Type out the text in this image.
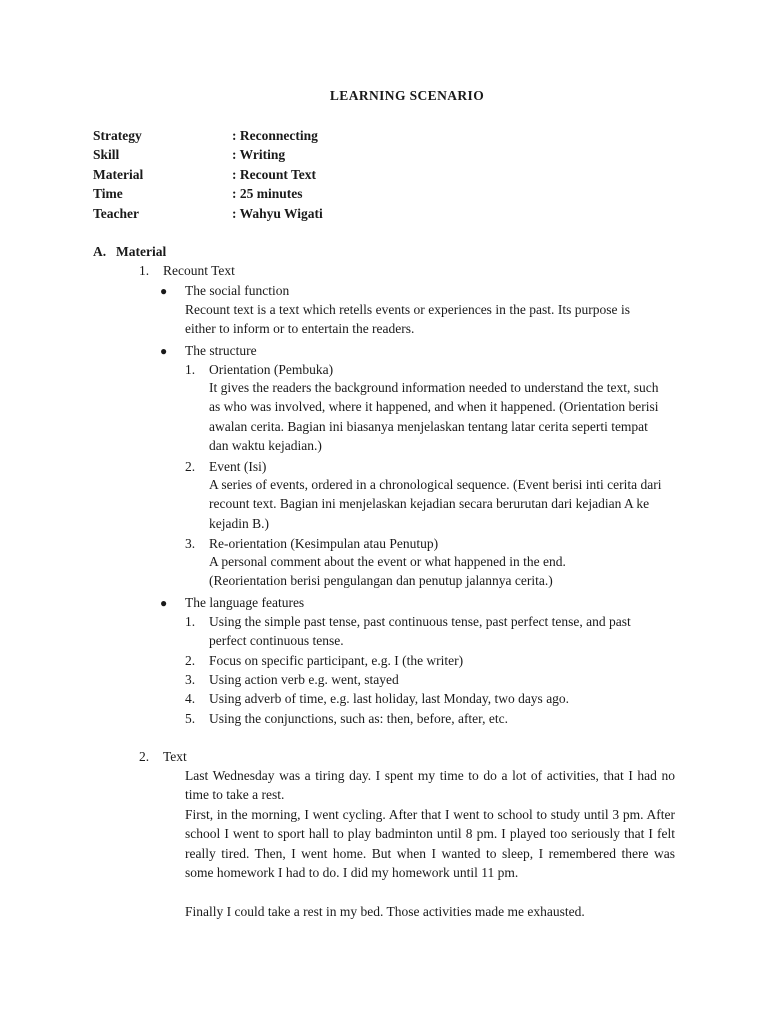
LEARNING SCENARIO
Strategy	: Reconnecting
Skill	: Writing
Material	: Recount Text
Time	: 25 minutes
Teacher	: Wahyu Wigati
A. Material
1. Recount Text
● The social function
Recount text is a text which retells events or experiences in the past. Its purpose is either to inform or to entertain the readers.
● The structure
1. Orientation (Pembuka)
It gives the readers the background information needed to understand the text, such as who was involved, where it happened, and when it happened. (Orientation berisi awalan cerita. Bagian ini biasanya menjelaskan tentang latar cerita seperti tempat dan waktu kejadian.)
2. Event (Isi)
A series of events, ordered in a chronological sequence. (Event berisi inti cerita dari recount text. Bagian ini menjelaskan kejadian secara berurutan dari kejadian A ke kejadin B.)
3. Re-orientation (Kesimpulan atau Penutup)
A personal comment about the event or what happened in the end. (Reorientation berisi pengulangan dan penutup jalannya cerita.)
● The language features
1.	Using the simple past tense, past continuous tense, past perfect tense, and past perfect continuous tense.
2. Focus on specific participant, e.g. I (the writer)
3. Using action verb e.g. went, stayed
4. Using adverb of time, e.g. last holiday, last Monday, two days ago.
5. Using the conjunctions, such as: then, before, after, etc.
2. Text
Last Wednesday was a tiring day. I spent my time to do a lot of activities, that I had no time to take a rest.
First, in the morning, I went cycling. After that I went to school to study until 3 pm. After school I went to sport hall to play badminton until 8 pm. I played too seriously that I felt really tired. Then, I went home. But when I wanted to sleep, I remembered there was some homework I had to do. I did my homework until 11 pm.
Finally I could take a rest in my bed. Those activities made me exhausted.
